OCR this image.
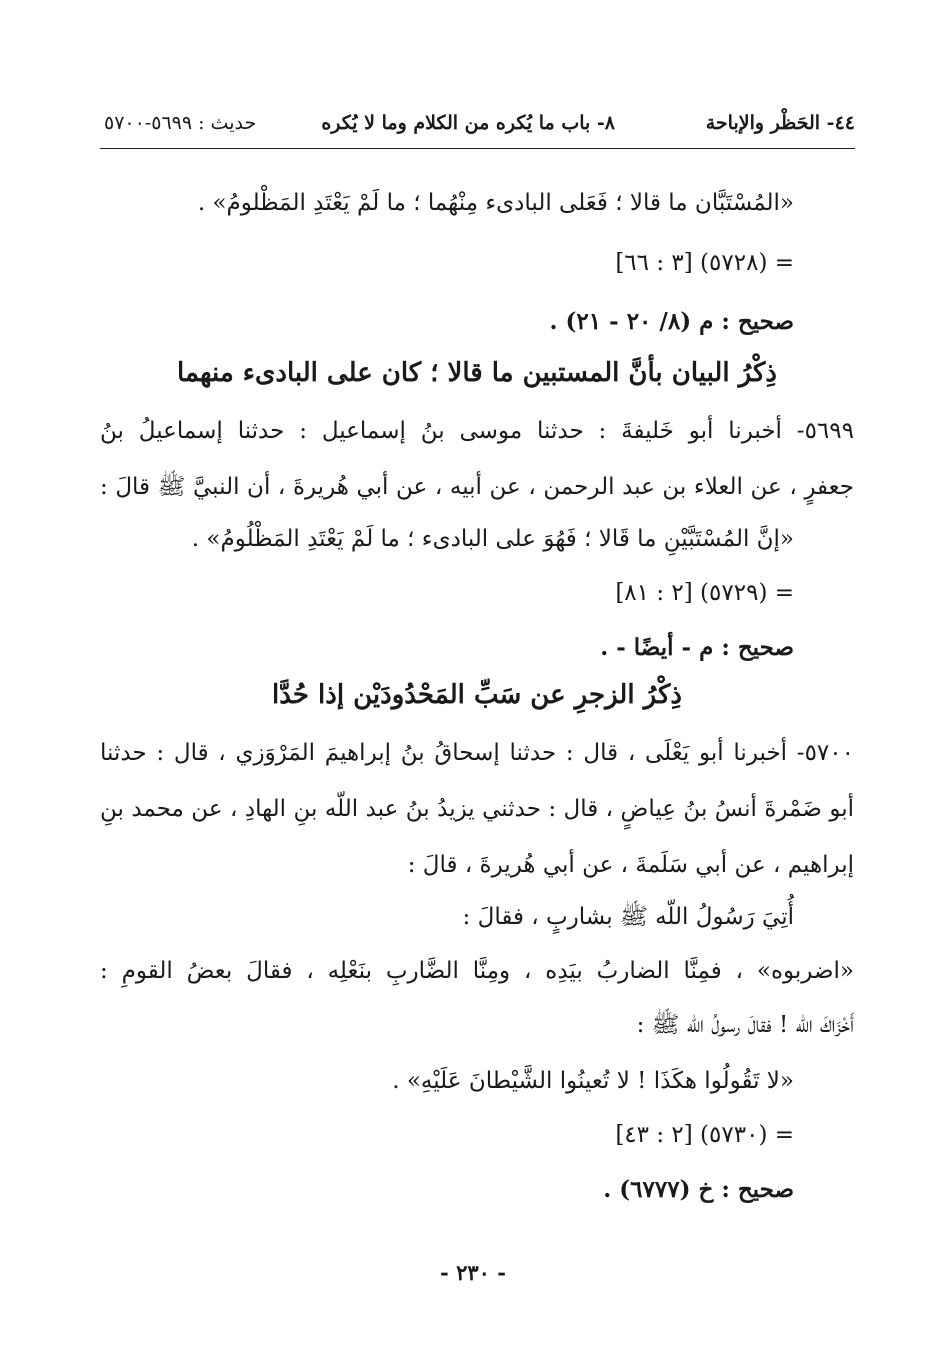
٤٤- الحَظْر والإباحة
٨- باب ما يُكره من الكلام وما لا يُكره
حديث : ٥٦٩٩-٥٧٠٠
«المُسْتَبَّان ما قالا ؛ فَعَلى البادىء مِنْهُما ؛ ما لَمْ يَعْتَدِ المَظْلومُ» .
= (٥٧٢٨) [٣ : ٦٦]
صحيح : م (٨/ ٢٠ - ٢١) .
ذِكْرُ البيان بأنَّ المستبين ما قالا ؛ كان على البادىء منهما
٥٦٩٩- أخبرنا أبو خَليفةَ : حدثنا موسى بنُ إسماعيل : حدثنا إسماعيلُ بنُ
جعفرٍ ، عن العلاء بن عبد الرحمن ، عن أبيه ، عن أبي هُريرةَ ، أن النبيَّ ﷺ قالَ :
«إنَّ المُسْتَبَّيْنِ ما قَالا ؛ فَهُوَ على البادىء ؛ ما لَمْ يَعْتَدِ المَظْلُومُ» .
= (٥٧٢٩) [٢ : ٨١]
صحيح : م - أيضًا - .
ذِكْرُ الزجرِ عن سَبِّ المَحْدُودَيْن إذا حُدَّا
٥٧٠٠- أخبرنا أبو يَعْلَى ، قال : حدثنا إسحاقُ بنُ إبراهيمَ المَرْوَزي ، قال : حدثنا
أبو ضَمْرةَ أنسُ بنُ عِياضٍ ، قال : حدثني يزيدُ بنُ عبد اللّه بنِ الهادِ ، عن محمد بنِ
إبراهيم ، عن أبي سَلَمةَ ، عن أبي هُريرةَ ، قالَ :
أُتِيَ رَسُولُ اللّه ﷺ بشاربٍ ، فقالَ :
«اضربوه» ، فمِنَّا الضاربُ بيَدِه ، ومِنَّا الضَّاربِ بنَعْلِه ، فقالَ بعضُ القومِ :
أَخْزَاكَ اللّه ! فقالَ رسولُ اللّه ﷺ :
«لا تَقُولُوا هكَذَا ! لا تُعينُوا الشَّيْطانَ عَلَيْهِ» .
= (٥٧٣٠) [٢ : ٤٣]
صحيح : خ (٦٧٧٧) .
- ٢٣٠ -
